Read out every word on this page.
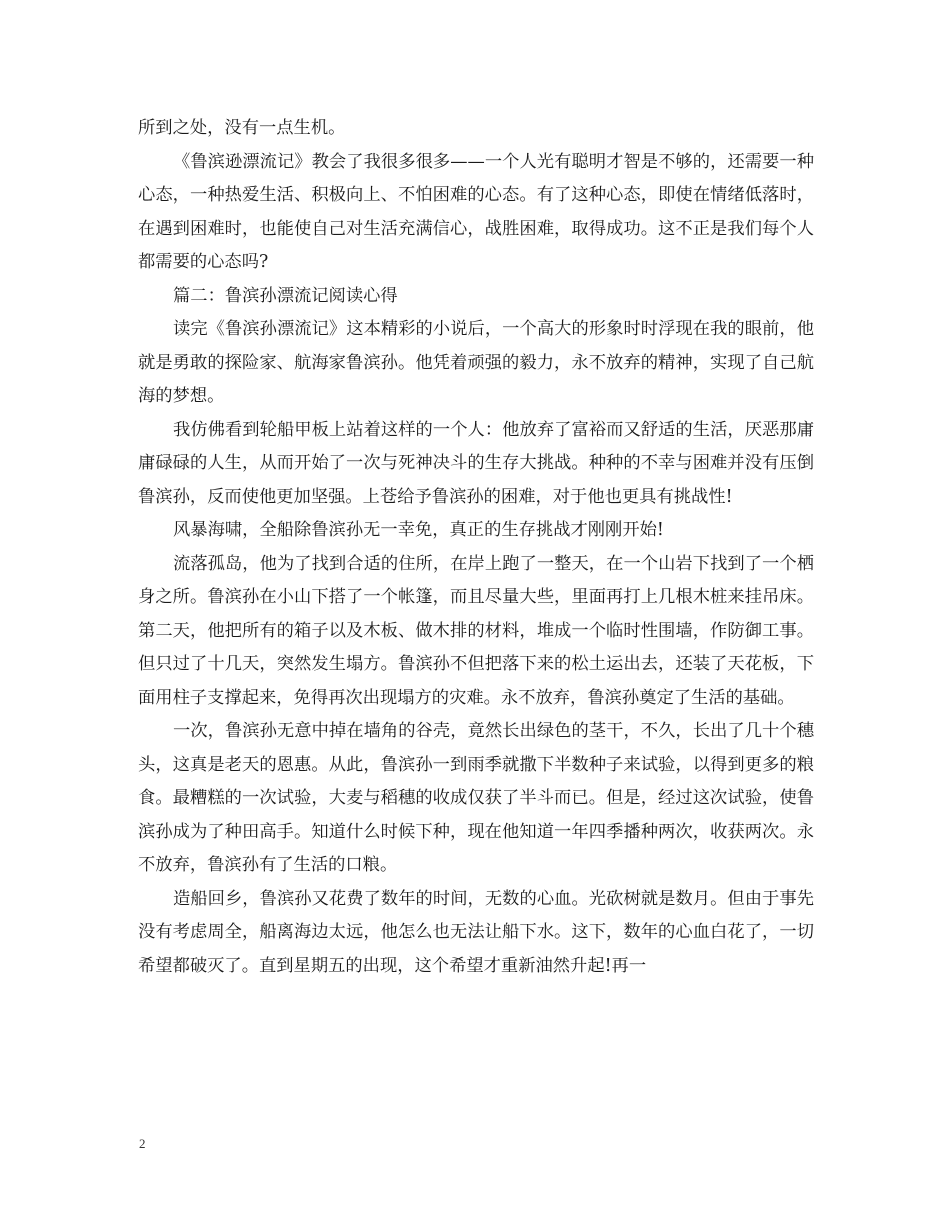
所到之处，没有一点生机。

《鲁滨逊漂流记》教会了我很多很多——一个人光有聪明才智是不够的，还需要一种心态，一种热爱生活、积极向上、不怕困难的心态。有了这种心态，即使在情绪低落时，在遇到困难时，也能使自己对生活充满信心，战胜困难，取得成功。这不正是我们每个人都需要的心态吗?

篇二：鲁滨孙漂流记阅读心得

读完《鲁滨孙漂流记》这本精彩的小说后，一个高大的形象时时浮现在我的眼前，他就是勇敢的探险家、航海家鲁滨孙。他凭着顽强的毅力，永不放弃的精神，实现了自己航海的梦想。

我仿佛看到轮船甲板上站着这样的一个人：他放弃了富裕而又舒适的生活，厌恶那庸庸碌碌的人生，从而开始了一次与死神决斗的生存大挑战。种种的不幸与困难并没有压倒鲁滨孙，反而使他更加坚强。上苍给予鲁滨孙的困难，对于他也更具有挑战性!

风暴海啸，全船除鲁滨孙无一幸免，真正的生存挑战才刚刚开始!

流落孤岛，他为了找到合适的住所，在岸上跑了一整天，在一个山岩下找到了一个栖身之所。鲁滨孙在小山下搭了一个帐篷，而且尽量大些，里面再打上几根木桩来挂吊床。第二天，他把所有的箱子以及木板、做木排的材料，堆成一个临时性围墙，作防御工事。但只过了十几天，突然发生塌方。鲁滨孙不但把落下来的松土运出去，还装了天花板，下面用柱子支撑起来，免得再次出现塌方的灾难。永不放弃，鲁滨孙奠定了生活的基础。

一次，鲁滨孙无意中掉在墙角的谷壳，竟然长出绿色的茎干，不久，长出了几十个穗头，这真是老天的恩惠。从此，鲁滨孙一到雨季就撒下半数种子来试验，以得到更多的粮食。最糟糕的一次试验，大麦与稻穗的收成仅获了半斗而已。但是，经过这次试验，使鲁滨孙成为了种田高手。知道什么时候下种，现在他知道一年四季播种两次，收获两次。永不放弃，鲁滨孙有了生活的口粮。

造船回乡，鲁滨孙又花费了数年的时间，无数的心血。光砍树就是数月。但由于事先没有考虑周全，船离海边太远，他怎么也无法让船下水。这下，数年的心血白花了，一切希望都破灭了。直到星期五的出现，这个希望才重新油然升起!再一

2
